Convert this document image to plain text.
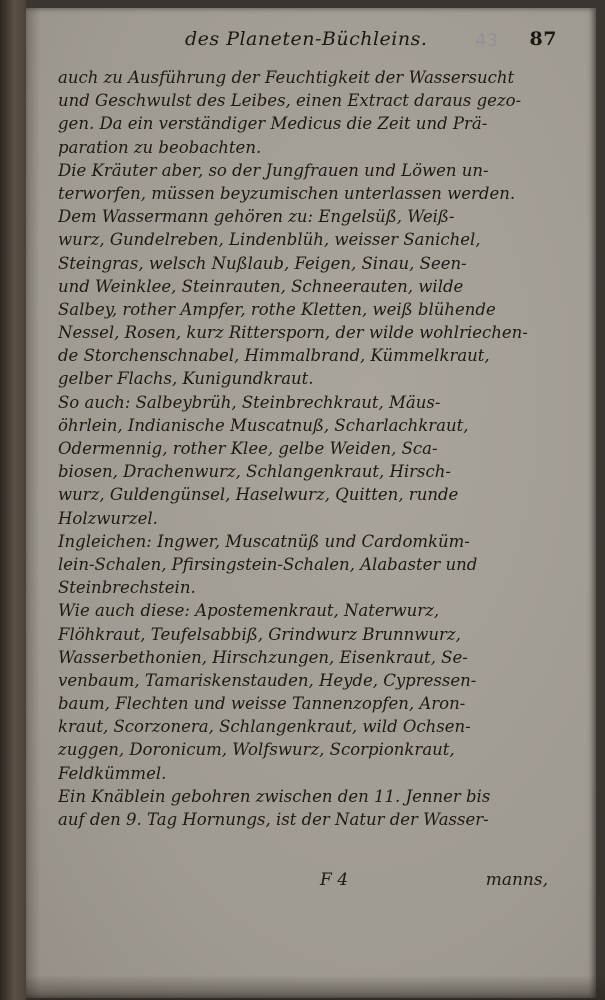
des Planeten-Büchleins.	87
43
auch zu Ausführung der Feuchtigkeit der Wassersucht
und Geschwulst des Leibes, einen Extract daraus gezo-
gen. Da ein verständiger Medicus die Zeit und Prä-
paration zu beobachten.
Die Kräuter aber, so der Jungfrauen und Löwen un-
terworfen, müssen beyzumischen unterlassen werden.
Dem Wassermann gehören zu: Engelsüß, Weiß-
wurz, Gundelreben, Lindenblüh, weisser Sanichel,
Steingras, welsch Nußlaub, Feigen, Sinau, Seen-
und Weinklee, Steinrauten, Schneerauten, wilde
Salbey, rother Ampfer, rothe Kletten, weiß blühende
Nessel, Rosen, kurz Rittersporn, der wilde wohlriechen-
de Storchenschnabel, Himmalbrand, Kümmelkraut,
gelber Flachs, Kunigundkraut.
So auch: Salbeybrüh, Steinbrechkraut, Mäus-
öhrlein, Indianische Muscatnuß, Scharlachkraut,
Odermennig, rother Klee, gelbe Weiden, Sca-
biosen, Drachenwurz, Schlangenkraut, Hirsch-
wurz, Guldengünsel, Haselwurz, Quitten, runde
Holzwurzel.
Ingleichen: Ingwer, Muscatnüß und Cardomküm-
lein-Schalen, Pfirsingstein-Schalen, Alabaster und
Steinbrechstein.
Wie auch diese: Apostemenkraut, Naterwurz,
Flöhkraut, Teufelsabbiß, Grindwurz Brunnwurz,
Wasserbethonien, Hirschzungen, Eisenkraut, Se-
venbaum, Tamariskenstauden, Heyde, Cypressen-
baum, Flechten und weisse Tannenzopfen, Aron-
kraut, Scorzonera, Schlangenkraut, wild Ochsen-
zuggen, Doronicum, Wolfswurz, Scorpionkraut,
Feldkümmel.
Ein Knäblein gebohren zwischen den 11. Jenner bis
auf den 9. Tag Hornungs, ist der Natur der Wasser-
F 4	manns,
